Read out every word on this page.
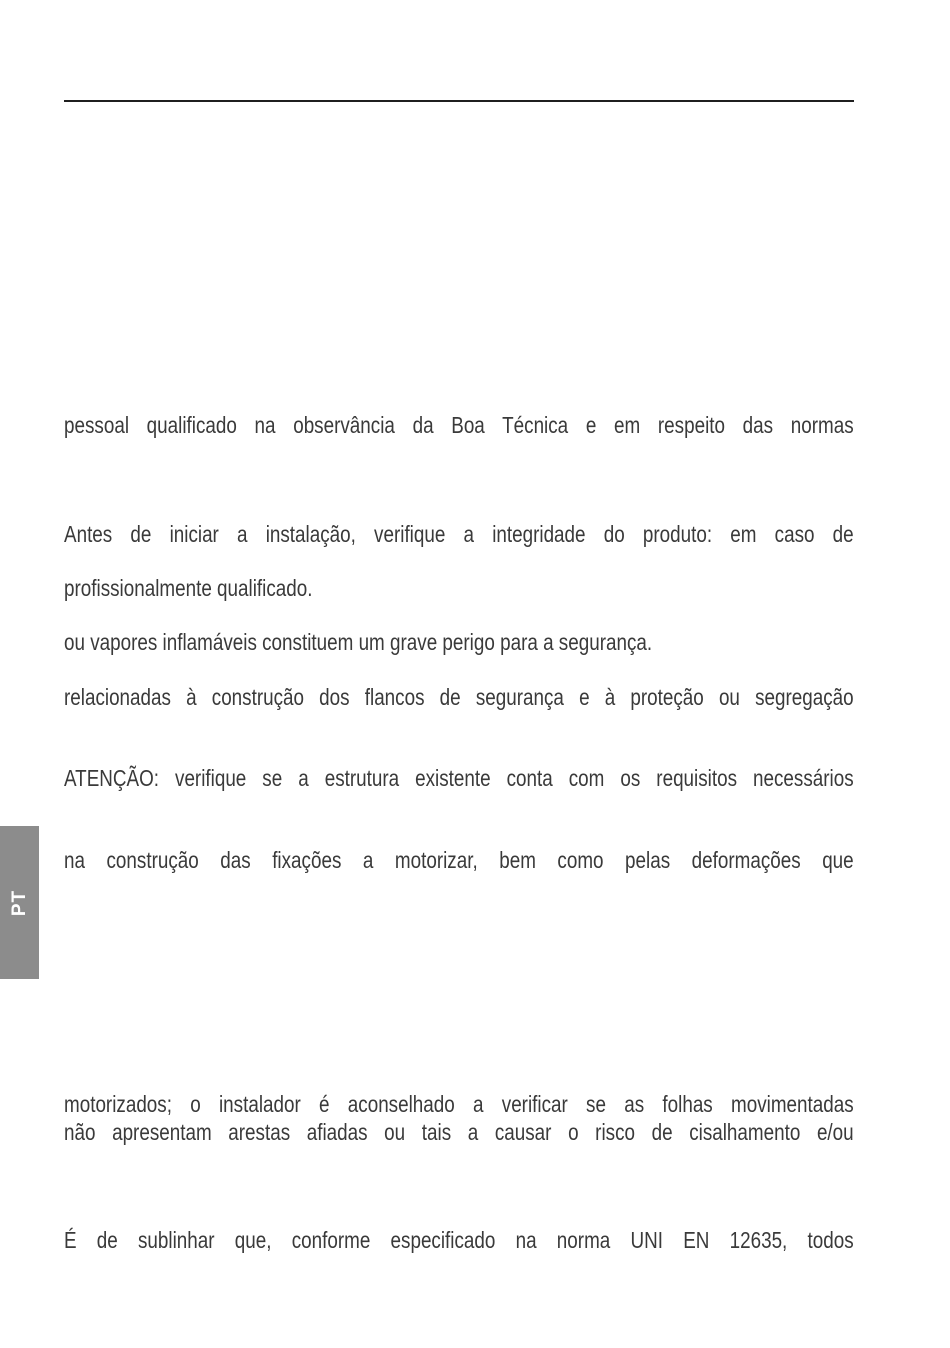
pessoal qualificado na observância da Boa Técnica e em respeito das normas
Antes de iniciar a instalação, verifique a integridade do produto: em caso de
profissionalmente qualificado.
ou vapores inflamáveis constituem um grave perigo para a segurança.
relacionadas à construção dos flancos de segurança e à proteção ou segregação
ATENÇÃO: verifique se a estrutura existente conta com os requisitos necessários
na construção das fixações a motorizar, bem como pelas deformações que
motorizados; o instalador é aconselhado a verificar se as folhas movimentadas
não apresentam arestas afiadas ou tais a causar o risco de cisalhamento e/ou
É de sublinhar que, conforme especificado na norma UNI EN 12635, todos
PT
